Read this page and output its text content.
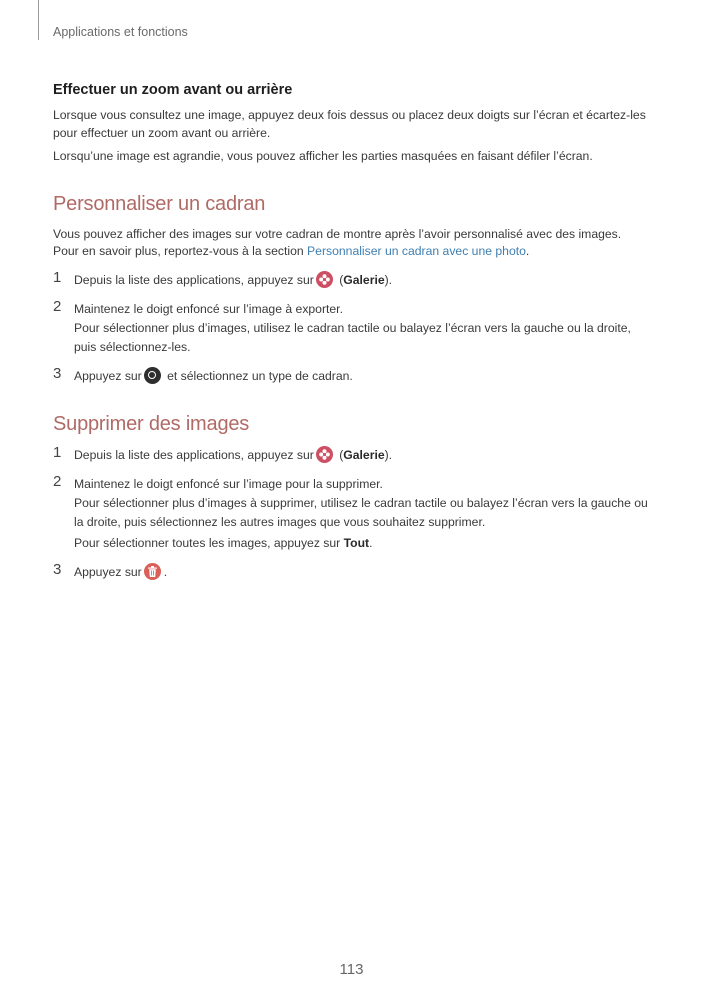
Applications et fonctions
Effectuer un zoom avant ou arrière

Lorsque vous consultez une image, appuyez deux fois dessus ou placez deux doigts sur l’écran et écartez-les pour effectuer un zoom avant ou arrière.

Lorsqu’une image est agrandie, vous pouvez afficher les parties masquées en faisant défiler l’écran.

Personnaliser un cadran

Vous pouvez afficher des images sur votre cadran de montre après l’avoir personnalisé avec des images.
Pour en savoir plus, reportez-vous à la section Personnaliser un cadran avec une photo.

1 Depuis la liste des applications, appuyez sur
(Galerie).

2 Maintenez le doigt enfoncé sur l’image à exporter.

Pour sélectionner plus d’images, utilisez le cadran tactile ou balayez l’écran vers la gauche ou la droite, puis sélectionnez-les.

3 Appuyez sur et sélectionnez un type de cadran.

Supprimer des images
1 Depuis la liste des applications, appuyez sur
(Galerie).

2 Maintenez le doigt enfoncé sur l’image pour la supprimer.

Pour sélectionner plus d’images à supprimer, utilisez le cadran tactile ou balayez l’écran vers la gauche ou la droite, puis sélectionnez les autres images que vous souhaitez supprimer.

Pour sélectionner toutes les images, appuyez sur Tout.

3 Appuyez sur .

113
